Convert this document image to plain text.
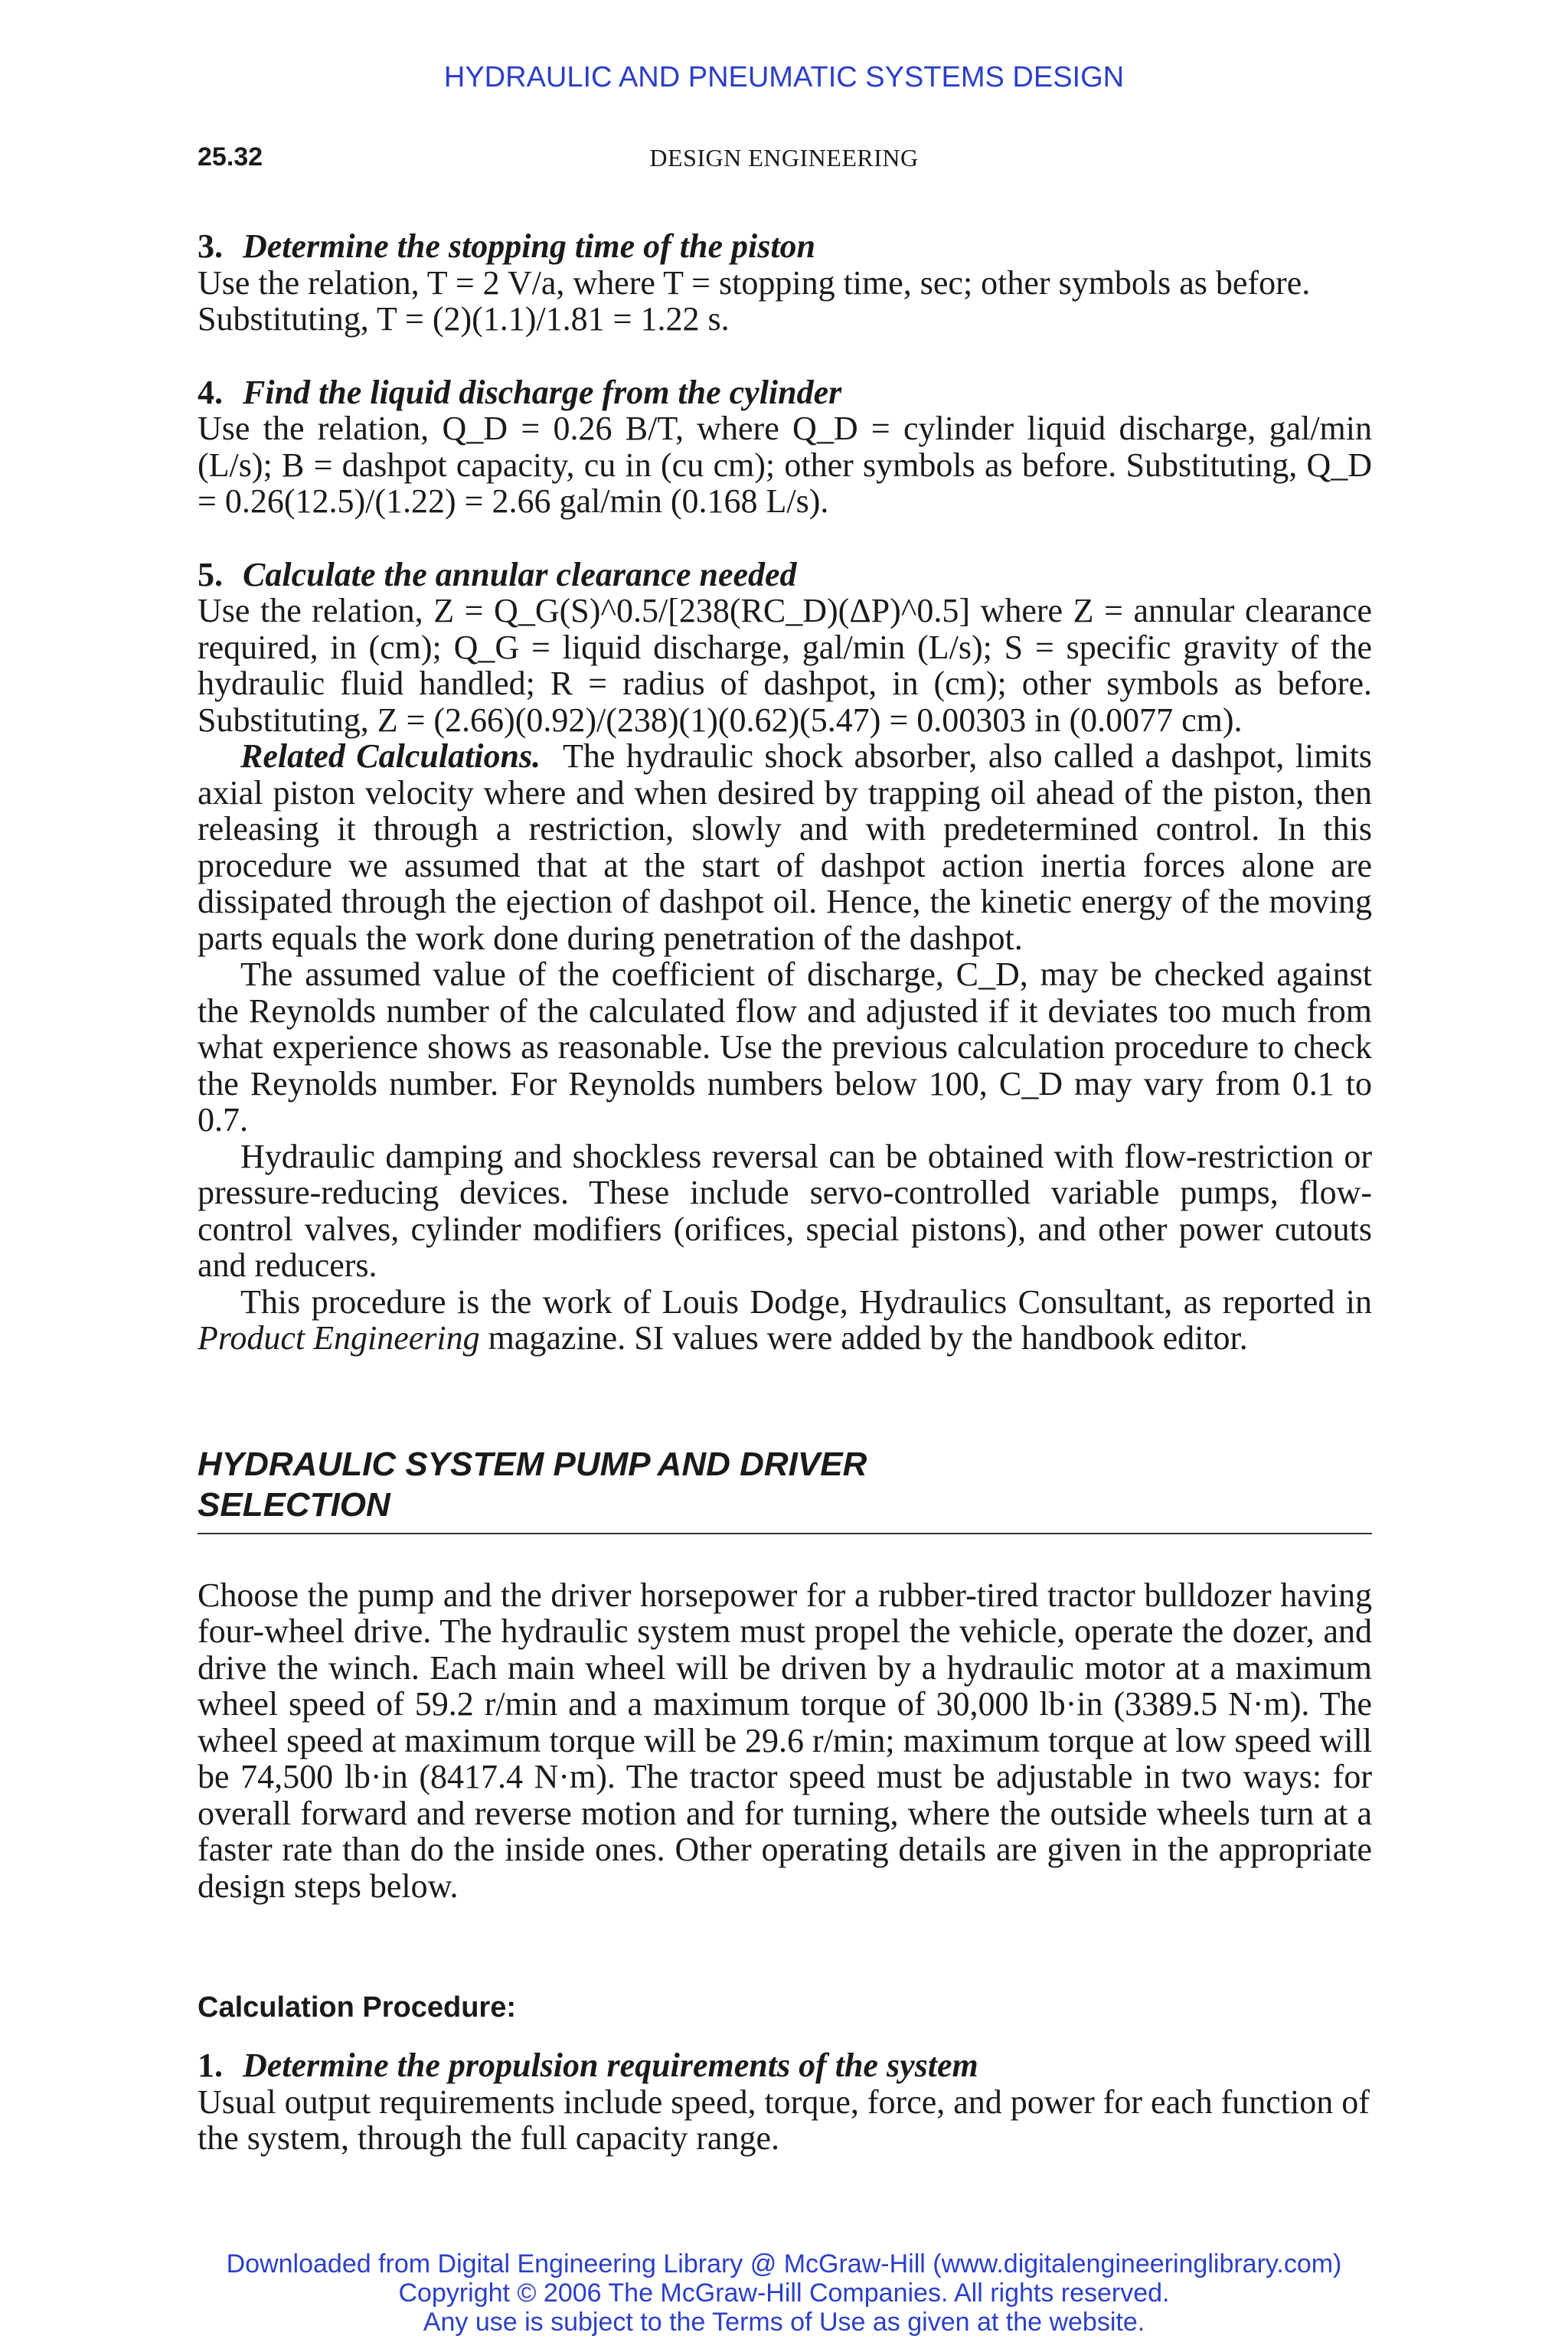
HYDRAULIC AND PNEUMATIC SYSTEMS DESIGN
25.32	DESIGN ENGINEERING
3. Determine the stopping time of the piston

Use the relation, T = 2 V/a, where T = stopping time, sec; other symbols as before.

Substituting, T = (2)(1.1)/1.81 = 1.22 s.

4. Find the liquid discharge from the cylinder

Use the relation, Q_D = 0.26 B/T, where Q_D = cylinder liquid discharge, gal/min (L/s); B = dashpot capacity, cu in (cu cm); other symbols as before. Substituting, Q_D = 0.26(12.5)/(1.22) = 2.66 gal/min (0.168 L/s).

5. Calculate the annular clearance needed

Use the relation, Z = Q_G(S)^0.5/[238(RC_D)(ΔP)^0.5] where Z = annular clearance required, in (cm); Q_G = liquid discharge, gal/min (L/s); S = specific gravity of the hydraulic fluid handled; R = radius of dashpot, in (cm); other symbols as before. Substituting, Z = (2.66)(0.92)/(238)(1)(0.62)(5.47) = 0.00303 in (0.0077 cm).

Related Calculations. The hydraulic shock absorber, also called a dashpot, limits axial piston velocity where and when desired by trapping oil ahead of the piston, then releasing it through a restriction, slowly and with predetermined control. In this procedure we assumed that at the start of dashpot action inertia forces alone are dissipated through the ejection of dashpot oil. Hence, the kinetic energy of the moving parts equals the work done during penetration of the dashpot.

The assumed value of the coefficient of discharge, C_D, may be checked against the Reynolds number of the calculated flow and adjusted if it deviates too much from what experience shows as reasonable. Use the previous calculation procedure to check the Reynolds number. For Reynolds numbers below 100, C_D may vary from 0.1 to 0.7.

Hydraulic damping and shockless reversal can be obtained with flow-restriction or pressure-reducing devices. These include servo-controlled variable pumps, flow-control valves, cylinder modifiers (orifices, special pistons), and other power cutouts and reducers.

This procedure is the work of Louis Dodge, Hydraulics Consultant, as reported in Product Engineering magazine. SI values were added by the handbook editor.

HYDRAULIC SYSTEM PUMP AND DRIVER
SELECTION

Choose the pump and the driver horsepower for a rubber-tired tractor bulldozer having four-wheel drive. The hydraulic system must propel the vehicle, operate the dozer, and drive the winch. Each main wheel will be driven by a hydraulic motor at a maximum wheel speed of 59.2 r/min and a maximum torque of 30,000 lb·in (3389.5 N·m). The wheel speed at maximum torque will be 29.6 r/min; maximum torque at low speed will be 74,500 lb·in (8417.4 N·m). The tractor speed must be adjustable in two ways: for overall forward and reverse motion and for turning, where the outside wheels turn at a faster rate than do the inside ones. Other operating details are given in the appropriate design steps below.

Calculation Procedure:
1. Determine the propulsion requirements of the system

Usual output requirements include speed, torque, force, and power for each function of the system, through the full capacity range.

Downloaded from Digital Engineering Library @ McGraw-Hill (www.digitalengineeringlibrary.com)
Copyright © 2006 The McGraw-Hill Companies. All rights reserved.
Any use is subject to the Terms of Use as given at the website.
